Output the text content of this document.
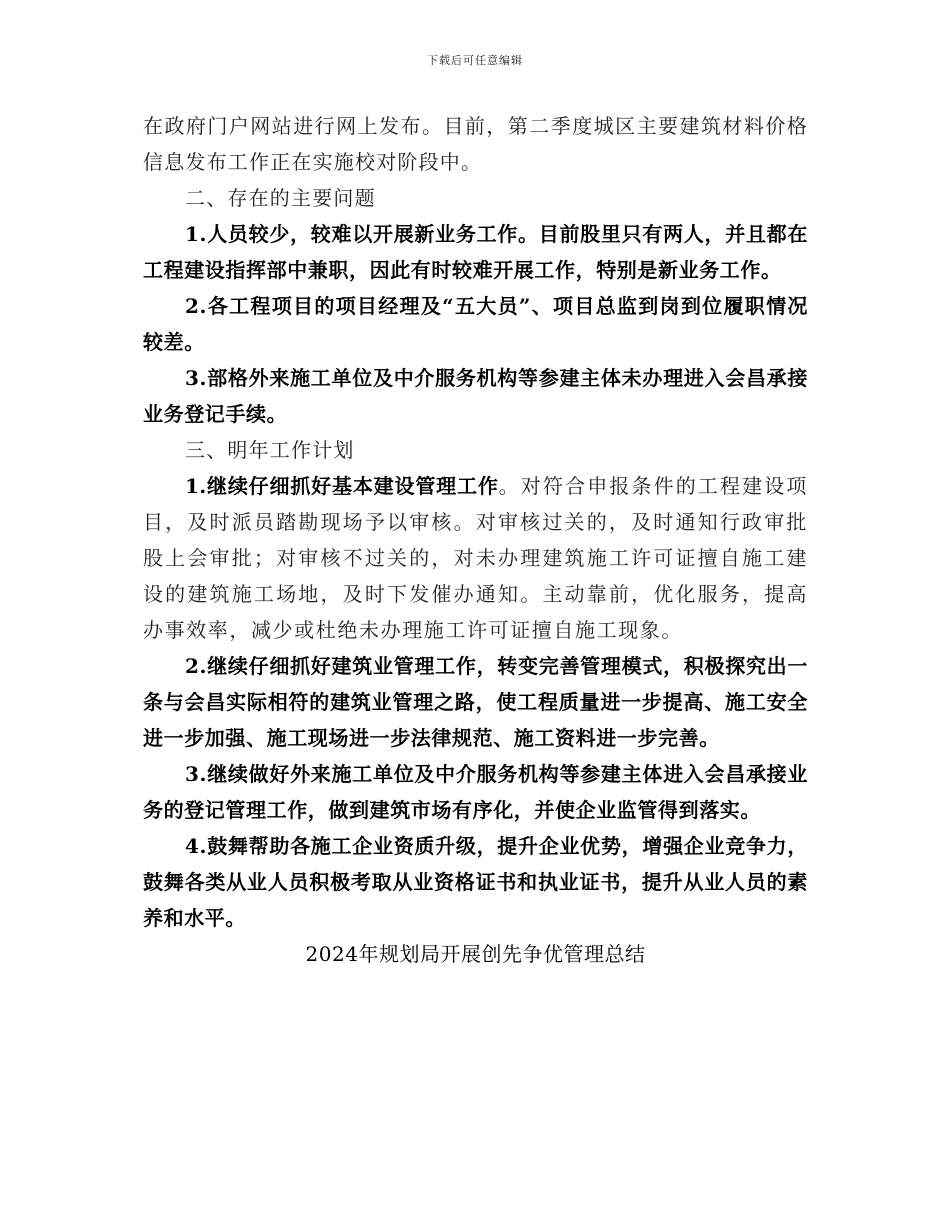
下载后可任意编辑

在政府门户网站进行网上发布。目前，第二季度城区主要建筑材料价格信息发布工作正在实施校对阶段中。

二、存在的主要问题

1.人员较少，较难以开展新业务工作。目前股里只有两人，并且都在工程建设指挥部中兼职，因此有时较难开展工作，特别是新业务工作。

2.各工程项目的项目经理及“五大员”、项目总监到岗到位履职情况较差。

3.部格外来施工单位及中介服务机构等参建主体未办理进入会昌承接业务登记手续。

三、明年工作计划

1.继续仔细抓好基本建设管理工作。对符合申报条件的工程建设项目，及时派员踏勘现场予以审核。对审核过关的，及时通知行政审批股上会审批；对审核不过关的，对未办理建筑施工许可证擅自施工建设的建筑施工场地，及时下发催办通知。主动靠前，优化服务，提高办事效率，减少或杜绝未办理施工许可证擅自施工现象。

2.继续仔细抓好建筑业管理工作，转变完善管理模式，积极探究出一条与会昌实际相符的建筑业管理之路，使工程质量进一步提高、施工安全进一步加强、施工现场进一步法律规范、施工资料进一步完善。

3.继续做好外来施工单位及中介服务机构等参建主体进入会昌承接业务的登记管理工作，做到建筑市场有序化，并使企业监管得到落实。

4.鼓舞帮助各施工企业资质升级，提升企业优势，增强企业竞争力，鼓舞各类从业人员积极考取从业资格证书和执业证书，提升从业人员的素养和水平。

2024年规划局开展创先争优管理总结
